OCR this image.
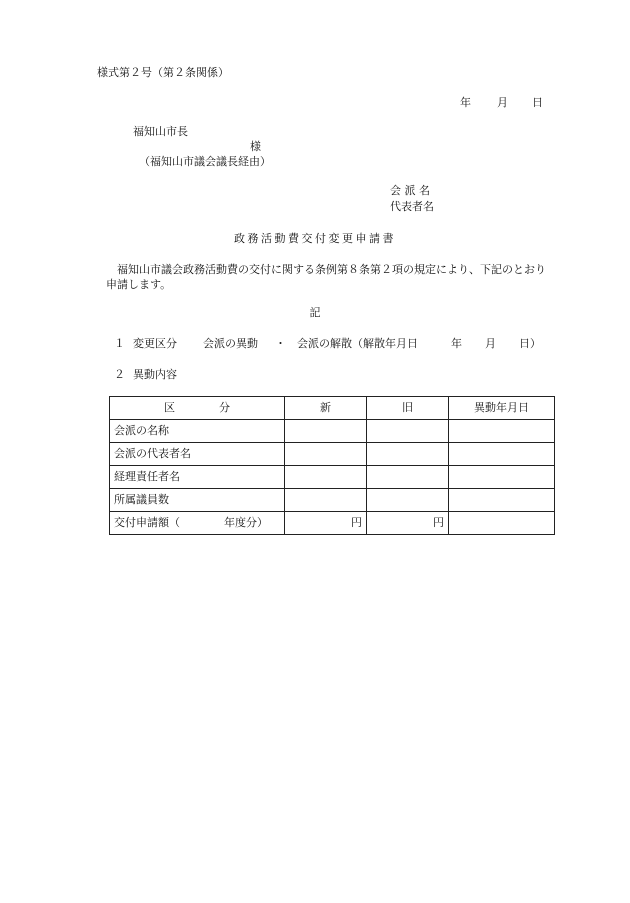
様式第２号（第２条関係）
年 月 日
福知山市長
様
（福知山市議会議長経由）
会 派 名
代表者名
政務活動費交付変更申請書
福知山市議会政務活動費の交付に関する条例第８条第２項の規定により、下記のとおり申請します。
記
１ 変更区分 会派の異動 ・ 会派の解散（解散年月日	年 月 日 ）
２ 異動内容
区 分	新	旧	異動年月日
会派の名称			
会派の代表者名			
経理責任者名			
所属議員数			
交付申請額（ 年度分）	円	円	
